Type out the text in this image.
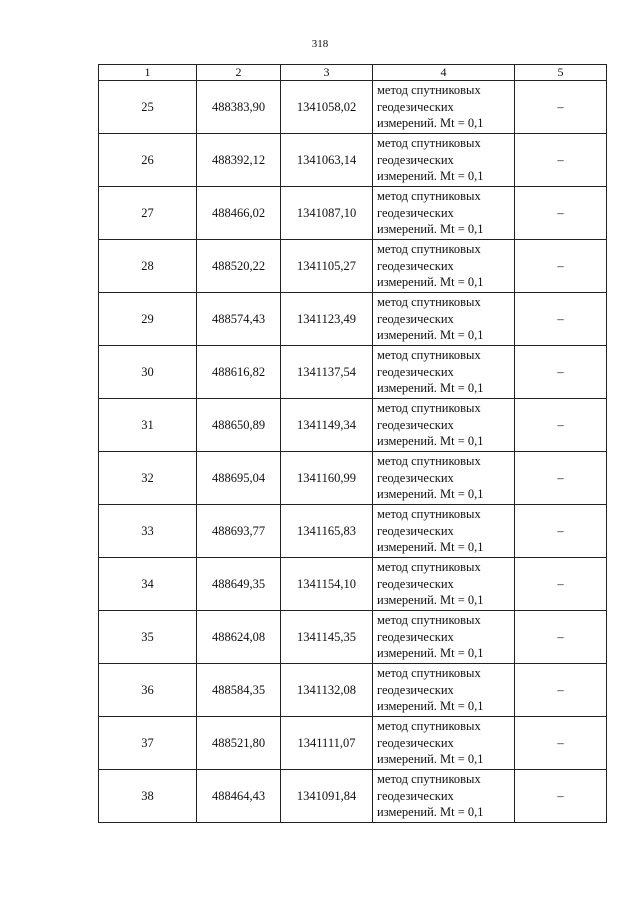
318
1	2	3	4	5
25	488383,90	1341058,02	метод спутниковых
геодезических
измерений. Mt = 0,1	–
26	488392,12	1341063,14	метод спутниковых
геодезических
измерений. Mt = 0,1	–
27	488466,02	1341087,10	метод спутниковых
геодезических
измерений. Mt = 0,1	–
28	488520,22	1341105,27	метод спутниковых
геодезических
измерений. Mt = 0,1	–
29	488574,43	1341123,49	метод спутниковых
геодезических
измерений. Mt = 0,1	–
30	488616,82	1341137,54	метод спутниковых
геодезических
измерений. Mt = 0,1	–
31	488650,89	1341149,34	метод спутниковых
геодезических
измерений. Mt = 0,1	–
32	488695,04	1341160,99	метод спутниковых
геодезических
измерений. Mt = 0,1	–
33	488693,77	1341165,83	метод спутниковых
геодезических
измерений. Mt = 0,1	–
34	488649,35	1341154,10	метод спутниковых
геодезических
измерений. Mt = 0,1	–
35	488624,08	1341145,35	метод спутниковых
геодезических
измерений. Mt = 0,1	–
36	488584,35	1341132,08	метод спутниковых
геодезических
измерений. Mt = 0,1	–
37	488521,80	1341111,07	метод спутниковых
геодезических
измерений. Mt = 0,1	–
38	488464,43	1341091,84	метод спутниковых
геодезических
измерений. Mt = 0,1	–
